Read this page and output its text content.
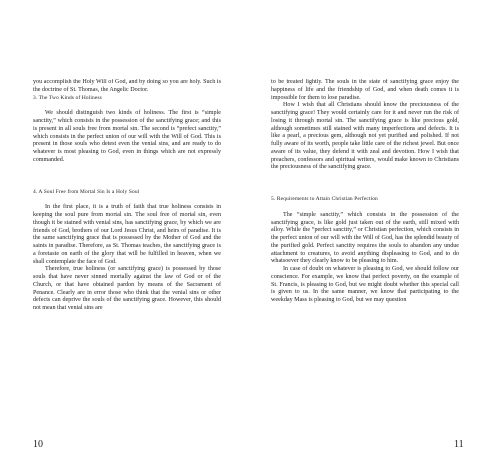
you accomplish the Holy Will of God, and by doing so you are holy. Such is the doctrine of St. Thomas, the Angelic Doctor.

3. The Two Kinds of Holiness

We should distinguish two kinds of holiness. The first is “simple sanctity,” which consists in the possession of the sanctifying grace; and this is present in all souls free from mortal sin. The second is “prefect sanctity,” which consists in the perfect union of our will with the Will of God. This is present in those souls who detest even the venial sins, and are ready to do whatever is most pleasing to God, even in things which are not expressly commanded.

4. A Soul Free from Mortal Sin Is a Holy Soul

In the first place, it is a truth of faith that true holiness consists in keeping the soul pure from mortal sin. The soul free of mortal sin, even though it be stained with venial sins, has sanctifying grace, by which we are friends of God, brothers of our Lord Jesus Christ, and heirs of paradise. It is the same sanctifying grace that is possessed by the Mother of God and the saints in paradise. Therefore, as St. Thomas teaches, the sanctifying grace is a foretaste on earth of the glory that will be fulfilled in heaven, when we shall contemplate the face of God.

Therefore, true holiness (or sanctifying grace) is possessed by those souls that have never sinned mortally against the law of God or of the Church, or that have obtained pardon by means of the Sacrament of Penance. Clearly are in error those who think that the venial sins or other defects can deprive the souls of the sanctifying grace. However, this should not mean that venial sins are

to be treated lightly. The souls in the state of sanctifying grace enjoy the happiness of life and the friendship of God, and when death comes it is impossible for them to lose paradise.

How I wish that all Christians should know the preciousness of the sanctifying grace! They would certainly care for it and never run the risk of losing it through mortal sin. The sanctifying grace is like precious gold, although sometimes still stained with many imperfections and defects. It is like a pearl, a precious gem, although not yet purified and polished. If not fully aware of its worth, people take little care of the richest jewel. But once aware of its value, they defend it with zeal and devotion. How I wish that preachers, confessors and spiritual writers, would make known to Christians the preciousness of the sanctifying grace.

5. Requirements to Attain Christian Perfection

The “simple sanctity,” which consists in the possession of the sanctifying grace, is like gold just taken out of the earth, still mixed with alloy. While the “perfect sanctity,” or Christian perfection, which consists in the perfect union of our will with the Will of God, has the splendid beauty of the purified gold. Perfect sanctity requires the souls to abandon any undue attachment to creatures, to avoid anything displeasing to God, and to do whatsoever they clearly know to be pleasing to him.

In case of doubt on whatever is pleasing to God, we should follow our conscience. For example, we know that perfect poverty, on the example of St. Francis, is pleasing to God, but we might doubt whether this special call is given to us. In the same manner, we know that participating to the weekday Mass is pleasing to God, but we may question

10	11
